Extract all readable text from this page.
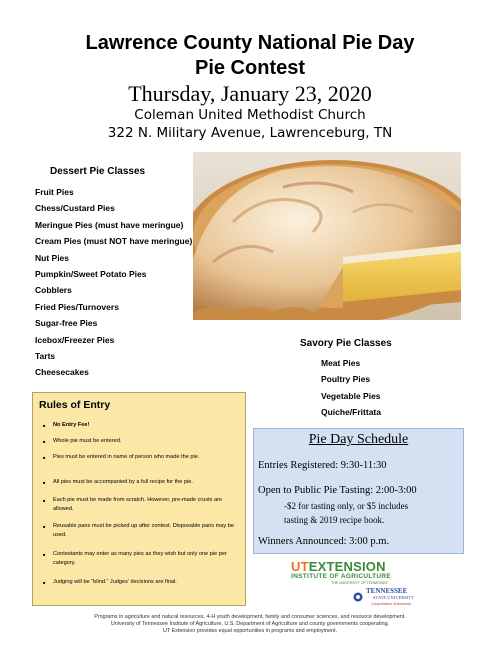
Lawrence County National Pie Day
Pie Contest
Thursday, January 23, 2020
Coleman United Methodist Church
322 N. Military Avenue, Lawrenceburg, TN
Dessert Pie Classes
Fruit Pies
Chess/Custard Pies
Meringue Pies (must have meringue)
Cream Pies (must NOT have meringue)
Nut Pies
Pumpkin/Sweet Potato Pies
Cobblers
Fried Pies/Turnovers
Sugar-free Pies
Icebox/Freezer Pies
Tarts
Cheesecakes
Savory Pie Classes
Meat Pies
Poultry Pies
Vegetable Pies
Quiche/Frittata
Rules of Entry
■ No Entry Fee!
■ Whole pie must be entered.
■ Pies must be entered in name of person who made the pie.
■ All pies must be accompanied by a full recipe for the pie.
■ Each pie must be made from scratch. However, pre-made crusts are allowed.
■ Reusable pans must be picked up after contest. Disposable pans may be used.
■ Contestants may enter as many pies as they wish but only one pie per category.
■ Judging will be “blind.” Judges’ decisions are final.
Pie Day Schedule
Entries Registered: 9:30-11:30
Open to Public Pie Tasting: 2:00-3:00
-$2 for tasting only, or $5 includes
tasting & 2019 recipe book.
Winners Announced: 3:00 p.m.
UTEXTENSION
INSTITUTE OF AGRICULTURE
THE UNIVERSITY OF TENNESSEE
TENNESSEE
STATE UNIVERSITY
Cooperative Extension
Programs in agriculture and natural resources, 4-H youth development, family and consumer sciences, and resource development.
University of Tennessee Institute of Agriculture, U.S. Department of Agriculture and county governments cooperating.
UT Extension provides equal opportunities in programs and employment.
